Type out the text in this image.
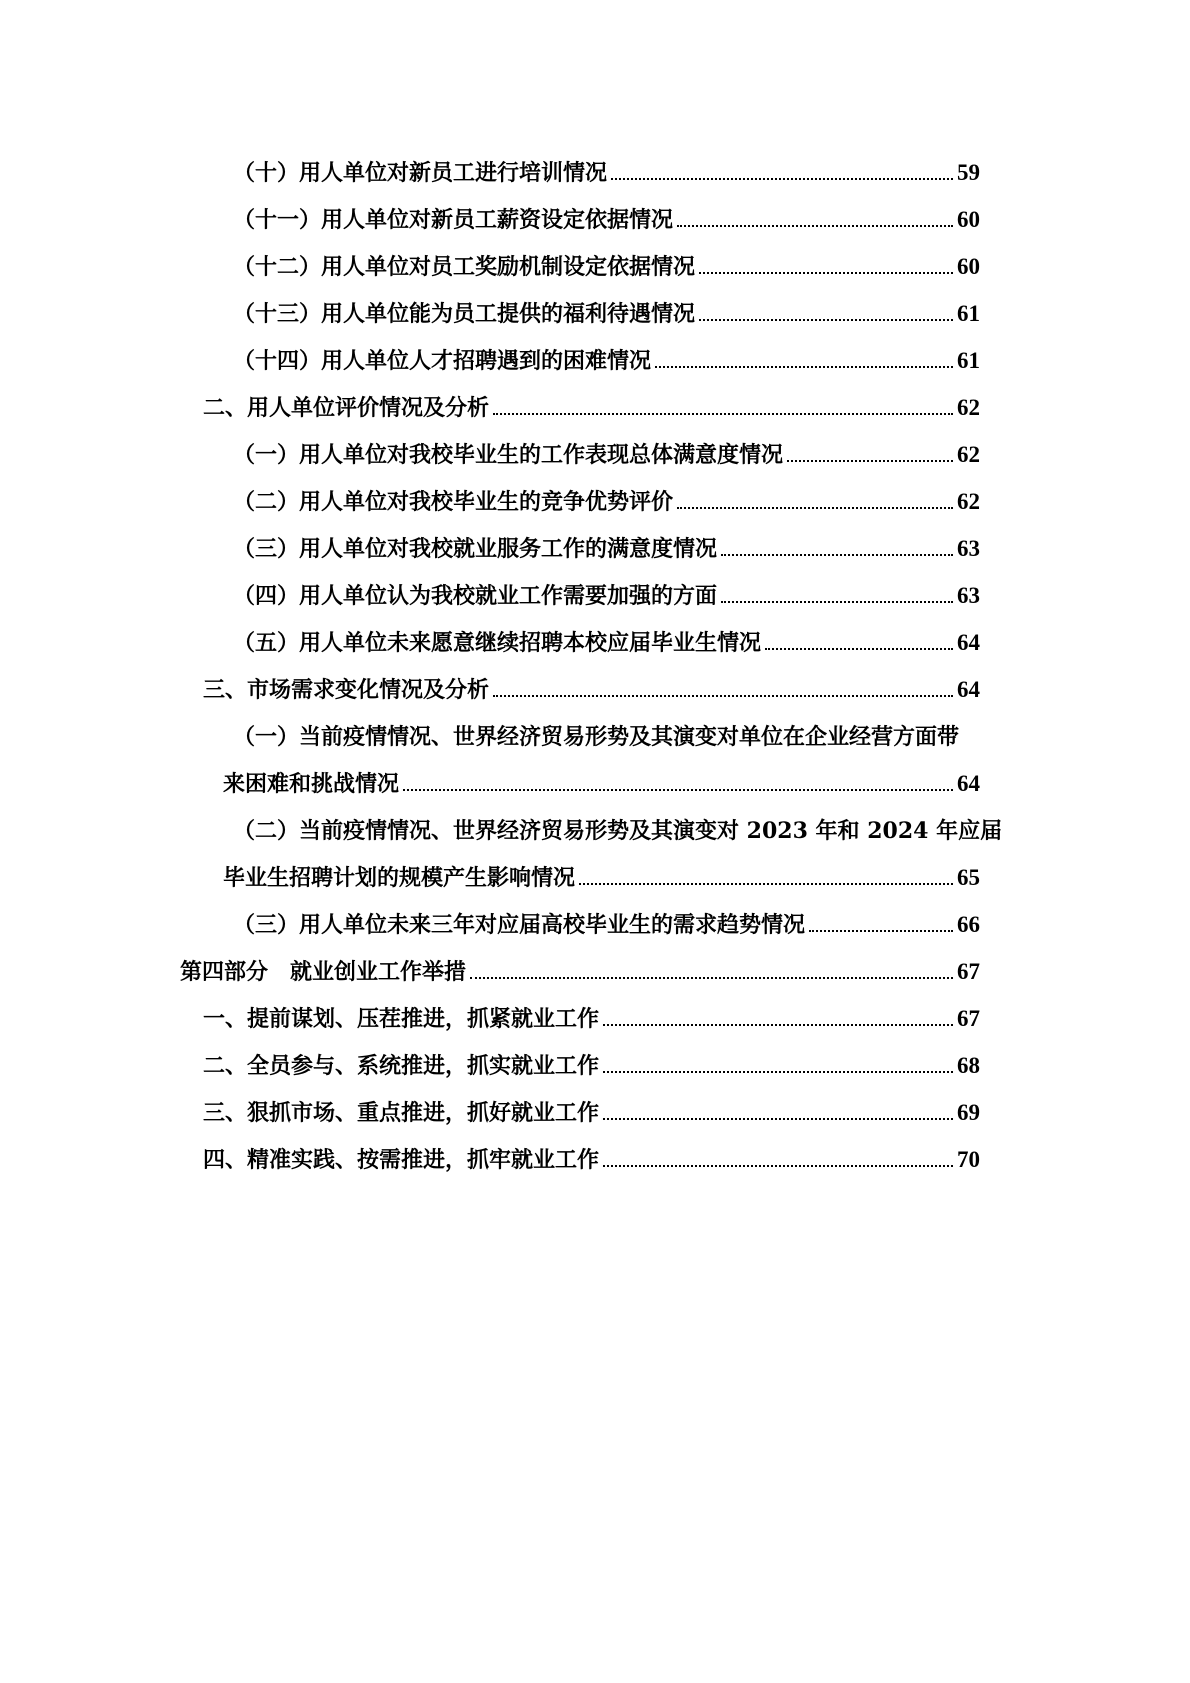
（十）用人单位对新员工进行培训情况	59
（十一）用人单位对新员工薪资设定依据情况	60
（十二）用人单位对员工奖励机制设定依据情况	60
（十三）用人单位能为员工提供的福利待遇情况	61
（十四）用人单位人才招聘遇到的困难情况	61
二、用人单位评价情况及分析	62
（一）用人单位对我校毕业生的工作表现总体满意度情况	62
（二）用人单位对我校毕业生的竞争优势评价	62
（三）用人单位对我校就业服务工作的满意度情况	63
（四）用人单位认为我校就业工作需要加强的方面	63
（五）用人单位未来愿意继续招聘本校应届毕业生情况	64
三、市场需求变化情况及分析	64
（一）当前疫情情况、世界经济贸易形势及其演变对单位在企业经营方面带
来困难和挑战情况	64
（二）当前疫情情况、世界经济贸易形势及其演变对 2023 年和 2024 年应届
毕业生招聘计划的规模产生影响情况	65
（三）用人单位未来三年对应届高校毕业生的需求趋势情况	66
第四部分　就业创业工作举措	67
一、提前谋划、压茬推进，抓紧就业工作	67
二、全员参与、系统推进，抓实就业工作	68
三、狠抓市场、重点推进，抓好就业工作	69
四、精准实践、按需推进，抓牢就业工作	70
